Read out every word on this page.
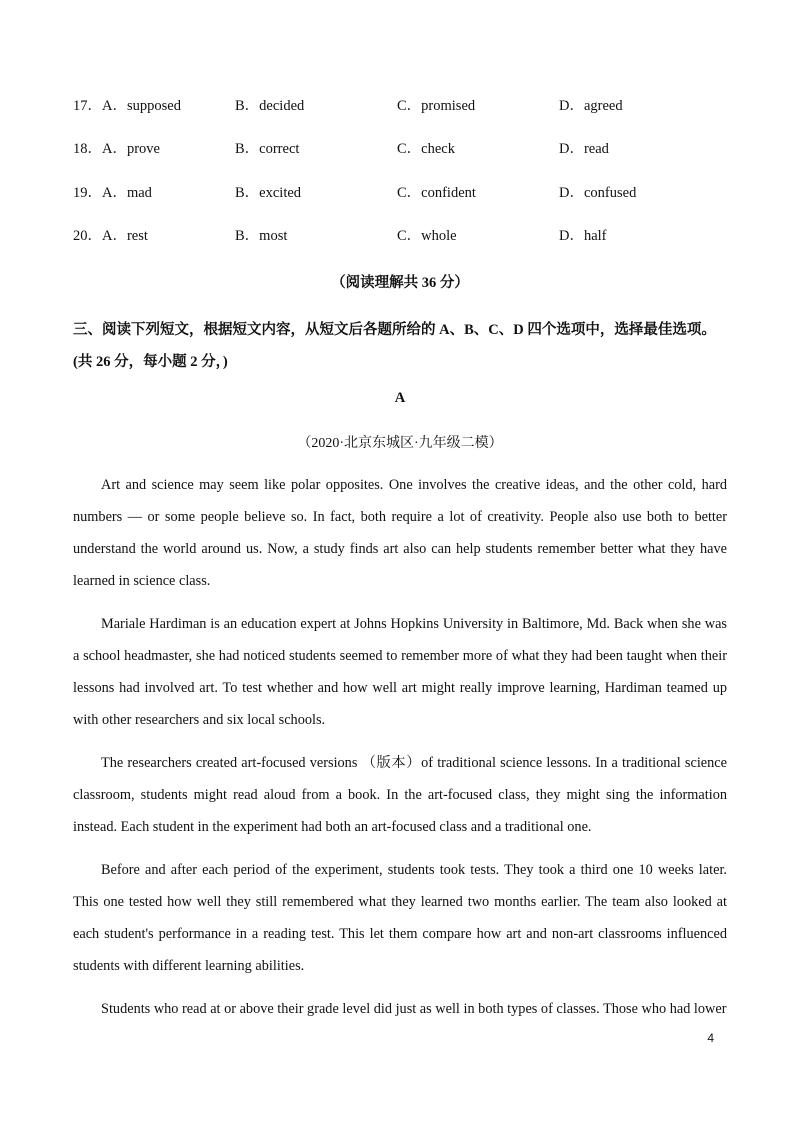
17．A．supposed	B．decided	C．promised	D．agreed
18．A．prove	B．correct	C．check	D．read
19．A．mad	B．excited	C．confident	D．confused
20．A．rest	B．most	C．whole	D．half
（阅读理解共 36 分）
三、阅读下列短文，根据短文内容，从短文后各题所给的 A、B、C、D 四个选项中，选择最佳选项。(共 26 分，每小题 2 分，)
A
（2020·北京东城区·九年级二模）

Art and science may seem like polar opposites. One involves the creative ideas, and the other cold, hard numbers — or some people believe so. In fact, both require a lot of creativity. People also use both to better understand the world around us. Now, a study finds art also can help students remember better what they have learned in science class.

Mariale Hardiman is an education expert at Johns Hopkins University in Baltimore, Md. Back when she was a school headmaster, she had noticed students seemed to remember more of what they had been taught when their lessons had involved art. To test whether and how well art might really improve learning, Hardiman teamed up with other researchers and six local schools.

The researchers created art-focused versions （版本）of traditional science lessons. In a traditional science classroom, students might read aloud from a book. In the art-focused class, they might sing the information instead. Each student in the experiment had both an art-focused class and a traditional one.

Before and after each period of the experiment, students took tests. They took a third one 10 weeks later. This one tested how well they still remembered what they learned two months earlier. The team also looked at each student's performance in a reading test. This let them compare how art and non-art classrooms influenced students with different learning abilities.

Students who read at or above their grade level did just as well in both types of classes. Those who had lower

4
